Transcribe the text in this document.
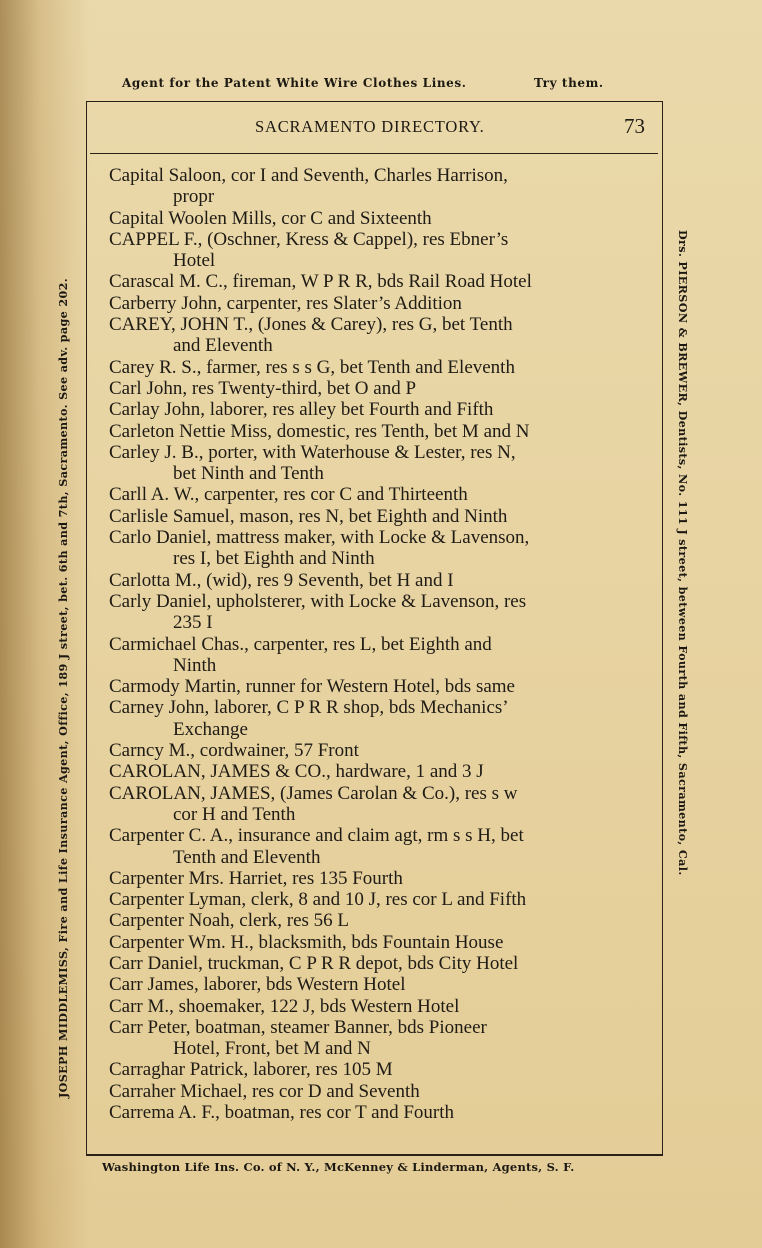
Agent for the Patent White Wire Clothes Lines.	Try them.
SACRAMENTO DIRECTORY.	73
Capital Saloon, cor I and Seventh, Charles Harrison,
propr
Capital Woolen Mills, cor C and Sixteenth
CAPPEL F., (Oschner, Kress & Cappel), res Ebner’s
Hotel
Carascal M. C., fireman, W P R R, bds Rail Road Hotel
Carberry John, carpenter, res Slater’s Addition
CAREY, JOHN T., (Jones & Carey), res G, bet Tenth
and Eleventh
Carey R. S., farmer, res s s G, bet Tenth and Eleventh
Carl John, res Twenty-third, bet O and P
Carlay John, laborer, res alley bet Fourth and Fifth
Carleton Nettie Miss, domestic, res Tenth, bet M and N
Carley J. B., porter, with Waterhouse & Lester, res N,
bet Ninth and Tenth
Carll A. W., carpenter, res cor C and Thirteenth
Carlisle Samuel, mason, res N, bet Eighth and Ninth
Carlo Daniel, mattress maker, with Locke & Lavenson,
res I, bet Eighth and Ninth
Carlotta M., (wid), res 9 Seventh, bet H and I
Carly Daniel, upholsterer, with Locke & Lavenson, res
235 I
Carmichael Chas., carpenter, res L, bet Eighth and
Ninth
Carmody Martin, runner for Western Hotel, bds same
Carney John, laborer, C P R R shop, bds Mechanics’
Exchange
Carncy M., cordwainer, 57 Front
CAROLAN, JAMES & CO., hardware, 1 and 3 J
CAROLAN, JAMES, (James Carolan & Co.), res s w
cor H and Tenth
Carpenter C. A., insurance and claim agt, rm s s H, bet
Tenth and Eleventh
Carpenter Mrs. Harriet, res 135 Fourth
Carpenter Lyman, clerk, 8 and 10 J, res cor L and Fifth
Carpenter Noah, clerk, res 56 L
Carpenter Wm. H., blacksmith, bds Fountain House
Carr Daniel, truckman, C P R R depot, bds City Hotel
Carr James, laborer, bds Western Hotel
Carr M., shoemaker, 122 J, bds Western Hotel
Carr Peter, boatman, steamer Banner, bds Pioneer
Hotel, Front, bet M and N
Carraghar Patrick, laborer, res 105 M
Carraher Michael, res cor D and Seventh
Carrema A. F., boatman, res cor T and Fourth
JOSEPH MIDDLEMISS, Fire and Life Insurance Agent, Office, 189 J street, bet. 6th and 7th, Sacramento. See adv. page 202.	Drs. PIERSON & BREWER, Dentists, No. 111 J street, between Fourth and Fifth, Sacramento, Cal.
Washington Life Ins. Co. of N. Y., McKenney & Linderman, Agents, S. F.
